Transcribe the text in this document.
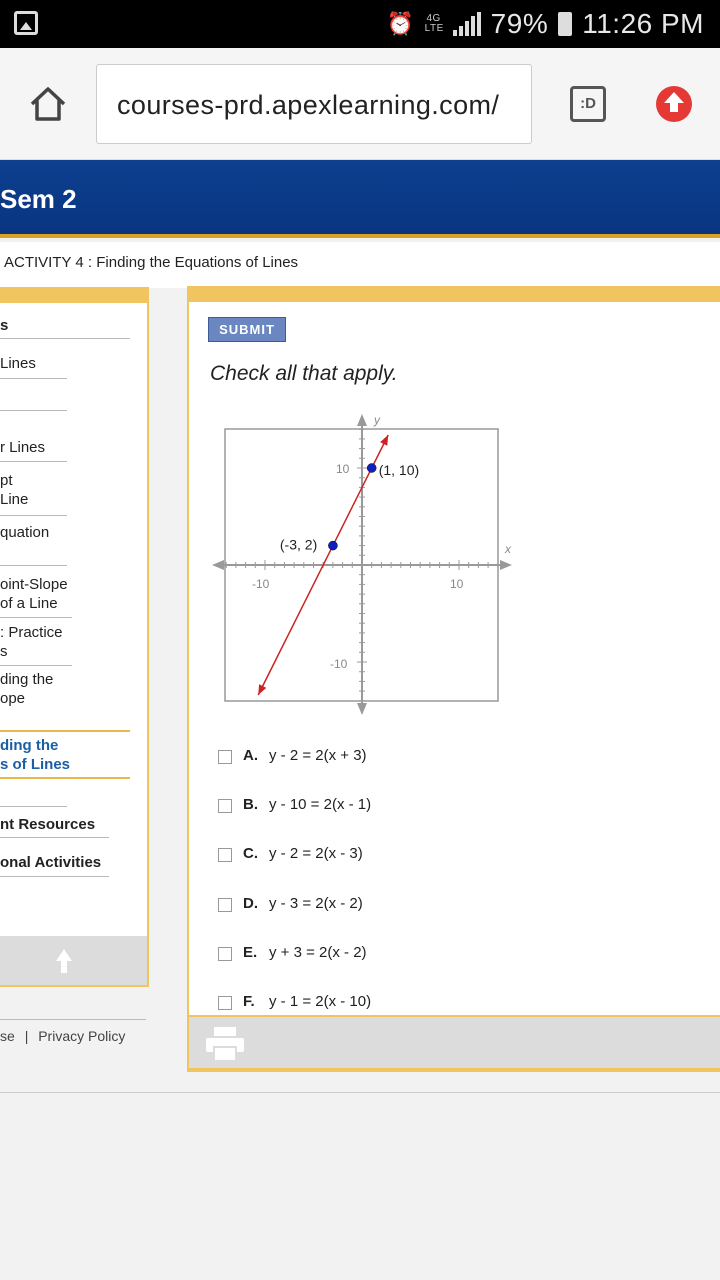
⏰ 4G LTE 79% 11:26 PM
courses-prd.apexlearning.com/	:D
Sem 2
ACTIVITY 4 : Finding the Equations of Lines
s
Lines
r Lines
pt
Line
quation
oint-Slope
of a Line
: Practice
s
ding the
ope
ding the
s of Lines
nt Resources
onal Activities
se | Privacy Policy
SUBMIT
Check all that apply.
x
y
-10	10
10
-10
(1, 10)
(-3, 2)
A. y - 2 = 2(x + 3)
B. y - 10 = 2(x - 1)
C. y - 2 = 2(x - 3)
D. y - 3 = 2(x - 2)
E. y + 3 = 2(x - 2)
F. y - 1 = 2(x - 10)
